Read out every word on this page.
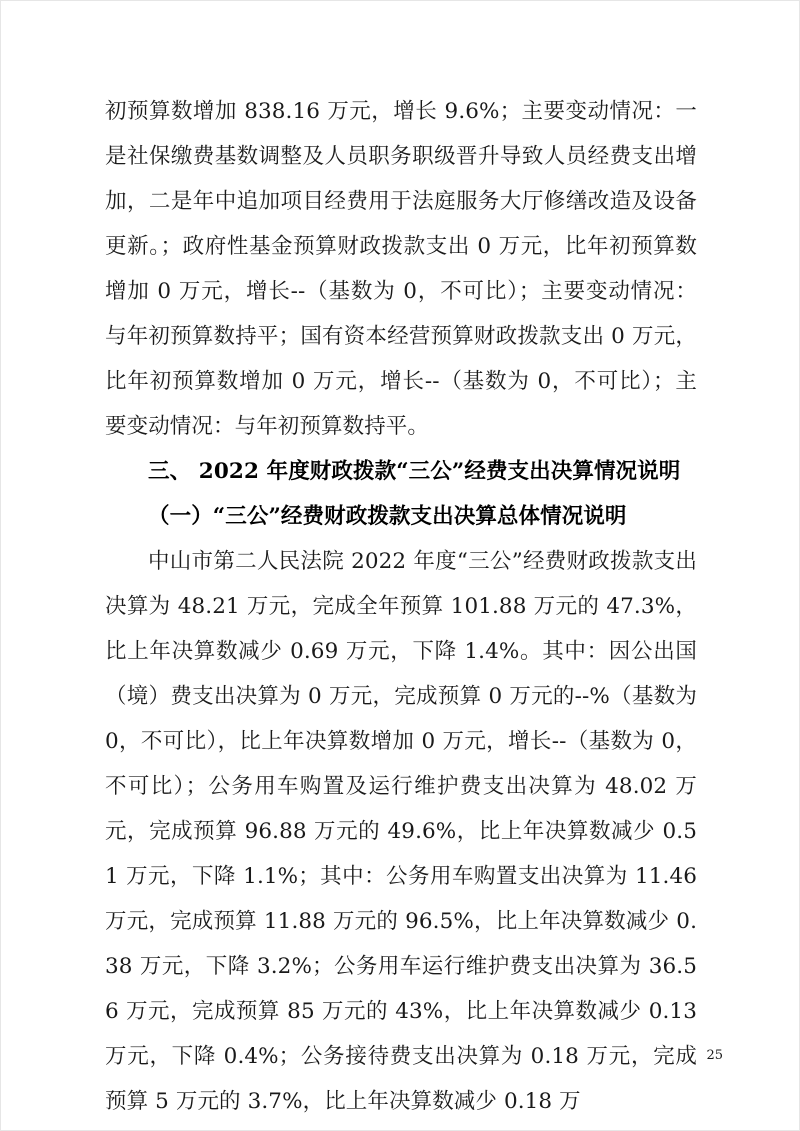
初预算数增加 838.16 万元，增长 9.6%；主要变动情况：一是社保缴费基数调整及人员职务职级晋升导致人员经费支出增加，二是年中追加项目经费用于法庭服务大厅修缮改造及设备更新。；政府性基金预算财政拨款支出 0 万元，比年初预算数增加 0 万元，增长--（基数为 0，不可比）；主要变动情况：与年初预算数持平；国有资本经营预算财政拨款支出 0 万元，比年初预算数增加 0 万元，增长--（基数为 0，不可比）；主要变动情况：与年初预算数持平。

三、 2022 年度财政拨款“三公”经费支出决算情况说明
（一）“三公”经费财政拨款支出决算总体情况说明

中山市第二人民法院 2022 年度“三公”经费财政拨款支出决算为 48.21 万元，完成全年预算 101.88 万元的 47.3%，比上年决算数减少 0.69 万元，下降 1.4%。其中：因公出国（境）费支出决算为 0 万元，完成预算 0 万元的--%（基数为 0，不可比），比上年决算数增加 0 万元，增长--（基数为 0，不可比）；公务用车购置及运行维护费支出决算为 48.02 万元，完成预算 96.88 万元的 49.6%，比上年决算数减少 0.51 万元，下降 1.1%；其中：公务用车购置支出决算为 11.46 万元，完成预算 11.88 万元的 96.5%，比上年决算数减少 0.38 万元，下降 3.2%；公务用车运行维护费支出决算为 36.56 万元，完成预算 85 万元的 43%，比上年决算数减少 0.13 万元，下降 0.4%；公务接待费支出决算为 0.18 万元，完成预算 5 万元的 3.7%，比上年决算数减少 0.18 万

25
